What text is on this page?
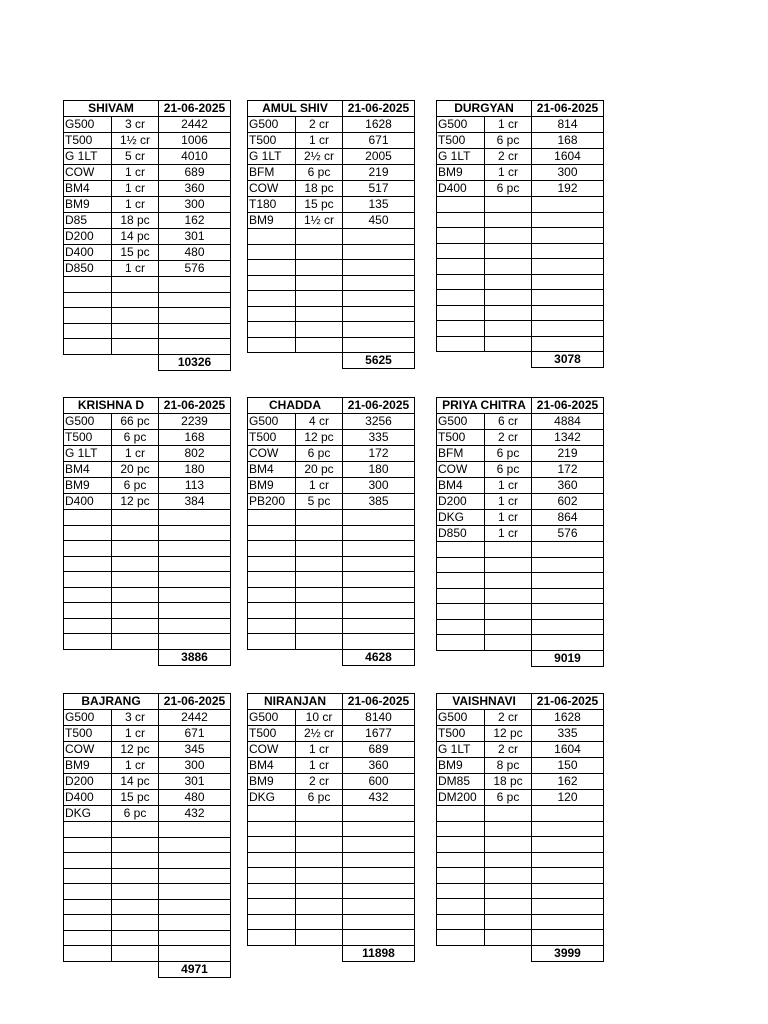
SHIVAM		21-06-2025
G500	3 cr	2442
T500	1½ cr	1006
G 1LT	5 cr	4010
COW	1 cr	689
BM4	1 cr	360
BM9	1 cr	300
D85	18 pc	162
D200	14 pc	301
D400	15 pc	480
D850	1 cr	576

		10326
AMUL SHIV		21-06-2025
G500	2 cr	1628
T500	1 cr	671
G 1LT	2½ cr	2005
BFM	6 pc	219
COW	18 pc	517
T180	15 pc	135
BM9	1½ cr	450

		5625
DURGYAN		21-06-2025
G500	1 cr	814
T500	6 pc	168
G 1LT	2 cr	1604
BM9	1 cr	300
D400	6 pc	192

		3078
KRISHNA D		21-06-2025
G500	66 pc	2239
T500	6 pc	168
G 1LT	1 cr	802
BM4	20 pc	180
BM9	6 pc	113
D400	12 pc	384

		3886
CHADDA		21-06-2025
G500	4 cr	3256
T500	12 pc	335
COW	6 pc	172
BM4	20 pc	180
BM9	1 cr	300
PB200	5 pc	385

		4628
PRIYA CHITRA		21-06-2025
G500	6 cr	4884
T500	2 cr	1342
BFM	6 pc	219
COW	6 pc	172
BM4	1 cr	360
D200	1 cr	602
DKG	1 cr	864
D850	1 cr	576

		9019
BAJRANG		21-06-2025
G500	3 cr	2442
T500	1 cr	671
COW	12 pc	345
BM9	1 cr	300
D200	14 pc	301
D400	15 pc	480
DKG	6 pc	432

		4971
NIRANJAN		21-06-2025
G500	10 cr	8140
T500	2½ cr	1677
COW	1 cr	689
BM4	1 cr	360
BM9	2 cr	600
DKG	6 pc	432

		11898
VAISHNAVI		21-06-2025
G500	2 cr	1628
T500	12 pc	335
G 1LT	2 cr	1604
BM9	8 pc	150
DM85	18 pc	162
DM200	6 pc	120

		3999
